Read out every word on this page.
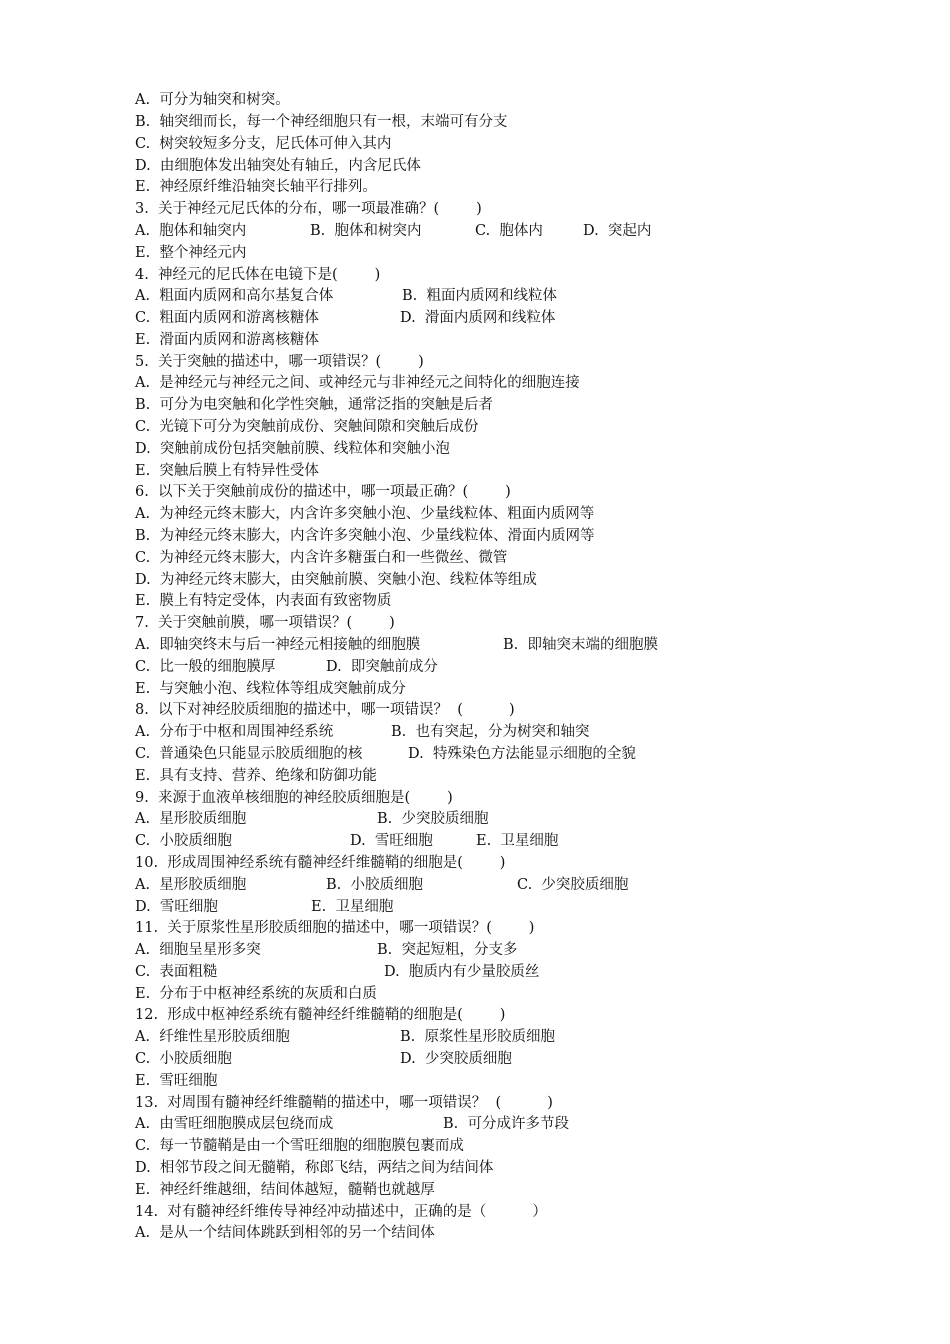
A.  可分为轴突和树突。
B.  轴突细而长，每一个神经细胞只有一根，末端可有分支
C.  树突较短多分支，尼氏体可伸入其内
D.  由细胞体发出轴突处有轴丘，内含尼氏体
E.  神经原纤维沿轴突长轴平行排列。
3.  关于神经元尼氏体的分布，哪一项最准确？(        )

A.  胞体和轴突内

	B.  胞体和树突内

	C.  胞体内

	D.  突起内

E.  整个神经元内
4.  神经元的尼氏体在电镜下是(        )

A.  粗面内质网和高尔基复合体

	B.  粗面内质网和线粒体

C.  粗面内质网和游离核糖体

	D.  滑面内质网和线粒体

E.  滑面内质网和游离核糖体
5.  关于突触的描述中，哪一项错误？(        )
A.  是神经元与神经元之间、或神经元与非神经元之间特化的细胞连接
B.  可分为电突触和化学性突触，通常泛指的突触是后者
C.  光镜下可分为突触前成份、突触间隙和突触后成份
D.  突触前成份包括突触前膜、线粒体和突触小泡
E.  突触后膜上有特异性受体
6.  以下关于突触前成份的描述中，哪一项最正确？(        )
A.  为神经元终末膨大，内含许多突触小泡、少量线粒体、粗面内质网等
B.  为神经元终末膨大，内含许多突触小泡、少量线粒体、滑面内质网等
C.  为神经元终末膨大，内含许多糖蛋白和一些微丝、微管
D.  为神经元终末膨大，由突触前膜、突触小泡、线粒体等组成
E.  膜上有特定受体，内表面有致密物质
7.  关于突触前膜，哪一项错误？(        )

A.  即轴突终末与后一神经元相接触的细胞膜

	B.  即轴突末端的细胞膜

C.  比一般的细胞膜厚

	D.  即突触前成分

E.  与突触小泡、线粒体等组成突触前成分
8.  以下对神经胶质细胞的描述中，哪一项错误？  (          )

A.  分布于中枢和周围神经系统

	B.  也有突起，分为树突和轴突

C.  普通染色只能显示胶质细胞的核

	D.  特殊染色方法能显示细胞的全貌

E.  具有支持、营养、绝缘和防御功能
9.  来源于血液单核细胞的神经胶质细胞是(        )

A.  星形胶质细胞

	B.  少突胶质细胞

C.  小胶质细胞

	D.  雪旺细胞

	E.  卫星细胞

10.  形成周围神经系统有髓神经纤维髓鞘的细胞是(        )

A.  星形胶质细胞

	B.  小胶质细胞

	C.  少突胶质细胞

D.  雪旺细胞

	E.  卫星细胞

11.  关于原浆性星形胶质细胞的描述中，哪一项错误？(        )

A.  细胞呈星形多突

	B.  突起短粗，分支多

C.  表面粗糙

	D.  胞质内有少量胶质丝

E.  分布于中枢神经系统的灰质和白质
12.  形成中枢神经系统有髓神经纤维髓鞘的细胞是(        )

A.  纤维性星形胶质细胞

	B.  原浆性星形胶质细胞

C.  小胶质细胞

	D.  少突胶质细胞

E.  雪旺细胞
13.  对周围有髓神经纤维髓鞘的描述中，哪一项错误？  (          )

A.  由雪旺细胞膜成层包绕而成

	B.  可分成许多节段

C.  每一节髓鞘是由一个雪旺细胞的细胞膜包裹而成
D.  相邻节段之间无髓鞘，称郎飞结，两结之间为结间体
E.  神经纤维越细，结间体越短，髓鞘也就越厚
14.  对有髓神经纤维传导神经冲动描述中，正确的是（          ）
A.  是从一个结间体跳跃到相邻的另一个结间体
